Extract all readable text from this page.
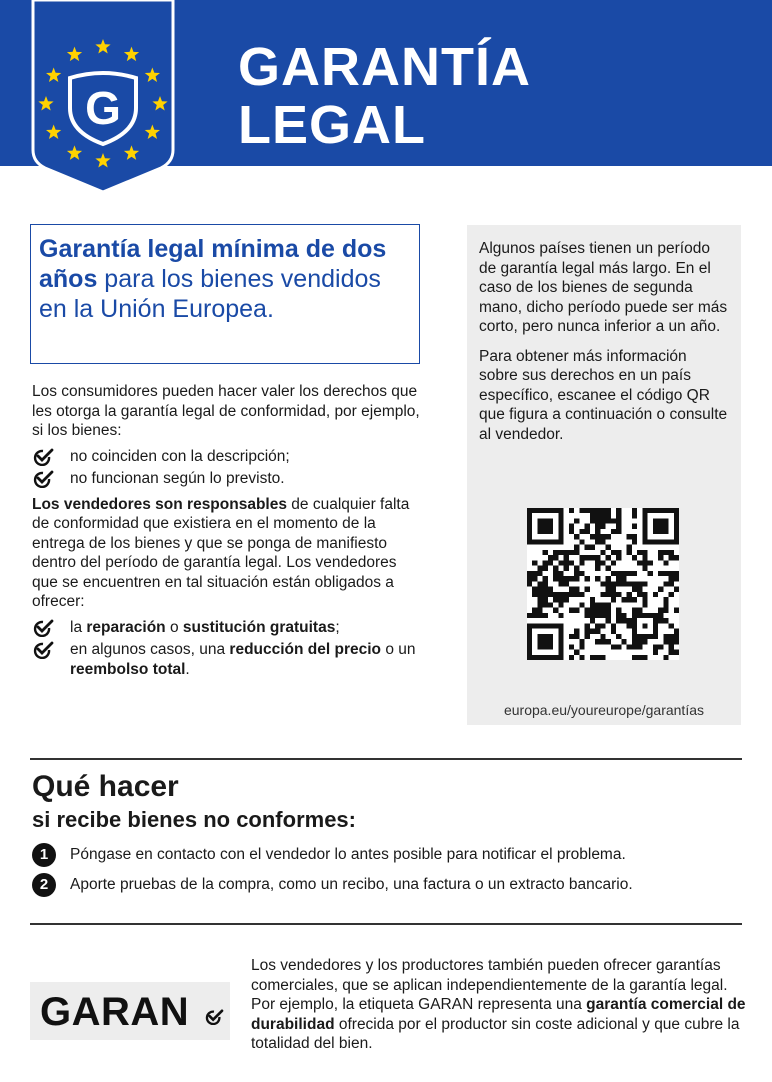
G
GARANTÍA
LEGAL

Garantía legal mínima de dos años para los bienes vendidos en la Unión Europea.

Los consumidores pueden hacer valer los derechos que les otorga la garantía legal de conformidad, por ejemplo, si los bienes:

no coinciden con la descripción;
no funcionan según lo previsto.

Los vendedores son responsables de cualquier falta de conformidad que existiera en el momento de la entrega de los bienes y que se ponga de manifiesto dentro del período de garantía legal. Los vendedores que se encuentren en tal situación están obligados a ofrecer:

la reparación o sustitución gratuitas;
en algunos casos, una reducción del precio o un reembolso total.

Algunos países tienen un período de garantía legal más largo. En el caso de los bienes de segunda mano, dicho período puede ser más corto, pero nunca inferior a un año.

Para obtener más información sobre sus derechos en un país específico, escanee el código QR que figura a continuación o consulte al vendedor.

europa.eu/youreurope/garantías
Qué hacer
si recibe bienes no conformes:
1	Póngase en contacto con el vendedor lo antes posible para notificar el problema.
2	Aporte pruebas de la compra, como un recibo, una factura o un extracto bancario.
GARAN
Los vendedores y los productores también pueden ofrecer garantías comerciales, que se aplican independientemente de la garantía legal. Por ejemplo, la etiqueta GARAN representa una garantía comercial de durabilidad ofrecida por el productor sin coste adicional y que cubre la totalidad del bien.
